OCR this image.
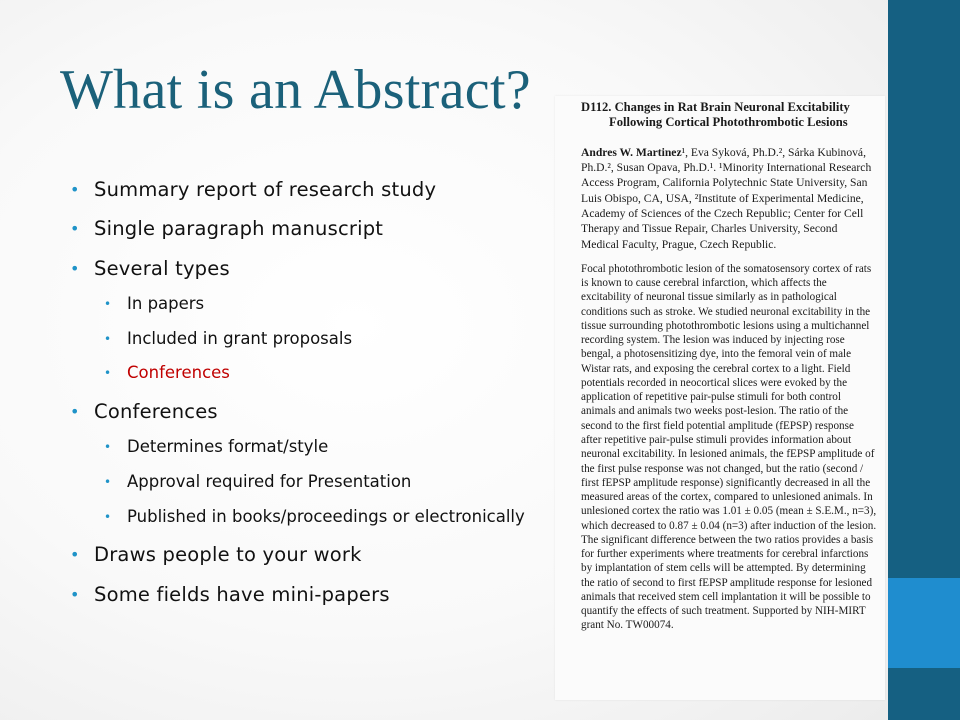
What is an Abstract?
• Summary report of research study
• Single paragraph manuscript
• Several types
• In papers
• Included in grant proposals
• Conferences
• Conferences
• Determines format/style
• Approval required for Presentation
• Published in books/proceedings or electronically
• Draws people to your work
• Some fields have mini-papers

D112. Changes in Rat Brain Neuronal Excitability
Following Cortical Photothrombotic Lesions

Andres W. Martinez¹, Eva Syková, Ph.D.², Sárka Kubinová, Ph.D.², Susan Opava, Ph.D.¹. ¹Minority International Research Access Program, California Polytechnic State University, San Luis Obispo, CA, USA, ²Institute of Experimental Medicine, Academy of Sciences of the Czech Republic; Center for Cell Therapy and Tissue Repair, Charles University, Second Medical Faculty, Prague, Czech Republic.

Focal photothrombotic lesion of the somatosensory cortex of rats is known to cause cerebral infarction, which affects the excitability of neuronal tissue similarly as in pathological conditions such as stroke. We studied neuronal excitability in the tissue surrounding photothrombotic lesions using a multichannel recording system. The lesion was induced by injecting rose bengal, a photosensitizing dye, into the femoral vein of male Wistar rats, and exposing the cerebral cortex to a light. Field potentials recorded in neocortical slices were evoked by the application of repetitive pair-pulse stimuli for both control animals and animals two weeks post-lesion. The ratio of the second to the first field potential amplitude (fEPSP) response after repetitive pair-pulse stimuli provides information about neuronal excitability. In lesioned animals, the fEPSP amplitude of the first pulse response was not changed, but the ratio (second / first fEPSP amplitude response) significantly decreased in all the measured areas of the cortex, compared to unlesioned animals. In unlesioned cortex the ratio was 1.01 ± 0.05 (mean ± S.E.M., n=3), which decreased to 0.87 ± 0.04 (n=3) after induction of the lesion. The significant difference between the two ratios provides a basis for further experiments where treatments for cerebral infarctions by implantation of stem cells will be attempted. By determining the ratio of second to first fEPSP amplitude response for lesioned animals that received stem cell implantation it will be possible to quantify the effects of such treatment. Supported by NIH-MIRT grant No. TW00074.
